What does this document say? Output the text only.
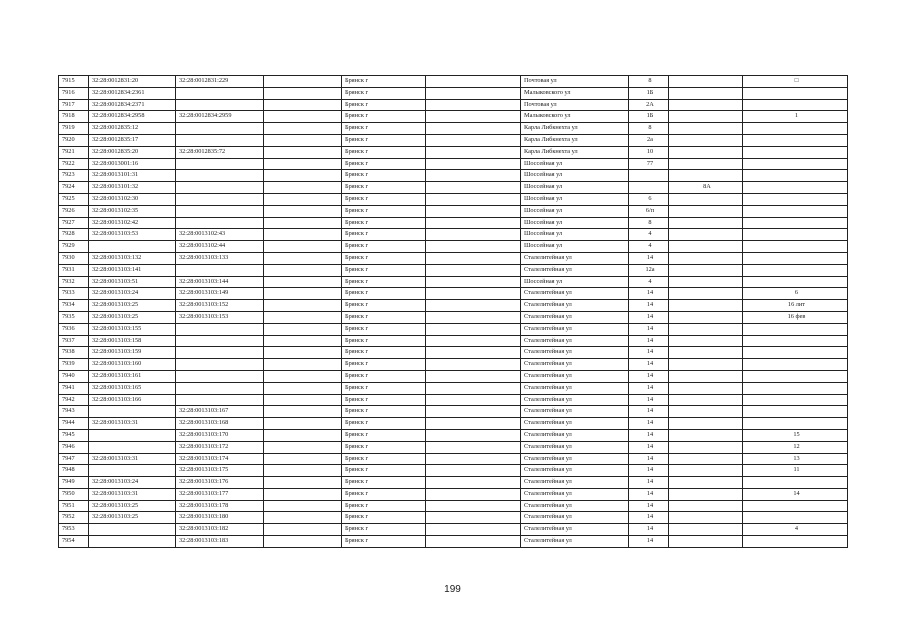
7915	32:28:0012831:20	32:28:0012831:229		Брянск г		Почтовая ул	8		□
7916	32:28:0012834:2361			Брянск г		Малыковского ул	1Б		
7917	32:28:0012834:2371			Брянск г		Почтовая ул	2А		
7918	32:28:0012834:2958	32:28:0012834:2959		Брянск г		Малыковского ул	1Б		1
7919	32:28:0012835:12			Брянск г		Карла Либкнехта ул	8		
7920	32:28:0012835:17			Брянск г		Карла Либкнехта ул	2а		
7921	32:28:0012835:20	32:28:0012835:72		Брянск г		Карла Либкнехта ул	10		
7922	32:28:0013001:16			Брянск г		Шоссейная ул	77		
7923	32:28:0013101:31			Брянск г		Шоссейная ул			
7924	32:28:0013101:32			Брянск г		Шоссейная ул		8А	
7925	32:28:0013102:30			Брянск г		Шоссейная ул	6		
7926	32:28:0013102:35			Брянск г		Шоссейная ул	6/п		
7927	32:28:0013102:42			Брянск г		Шоссейная ул	8		
7928	32:28:0013103:53	32:28:0013102:43		Брянск г		Шоссейная ул	4		
7929		32:28:0013102:44		Брянск г		Шоссейная ул	4		
7930	32:28:0013103:132	32:28:0013103:133		Брянск г		Сталелитейная ул	14		
7931	32:28:0013103:141			Брянск г		Сталелитейная ул	12а		
7932	32:28:0013103:51	32:28:0013103:144		Брянск г		Шоссейная ул	4		
7933	32:28:0013103:24	32:28:0013103:149		Брянск г		Сталелитейная ул	14		6
7934	32:28:0013103:25	32:28:0013103:152		Брянск г		Сталелитейная ул	14		16 лит
7935	32:28:0013103:25	32:28:0013103:153		Брянск г		Сталелитейная ул	14		16 фев
7936	32:28:0013103:155			Брянск г		Сталелитейная ул	14		
7937	32:28:0013103:158			Брянск г		Сталелитейная ул	14		
7938	32:28:0013103:159			Брянск г		Сталелитейная ул	14		
7939	32:28:0013103:160			Брянск г		Сталелитейная ул	14		
7940	32:28:0013103:161			Брянск г		Сталелитейная ул	14		
7941	32:28:0013103:165			Брянск г		Сталелитейная ул	14		
7942	32:28:0013103:166			Брянск г		Сталелитейная ул	14		
7943		32:28:0013103:167		Брянск г		Сталелитейная ул	14		
7944	32:28:0013103:31	32:28:0013103:168		Брянск г		Сталелитейная ул	14		
7945		32:28:0013103:170		Брянск г		Сталелитейная ул	14		15
7946		32:28:0013103:172		Брянск г		Сталелитейная ул	14		12
7947	32:28:0013103:31	32:28:0013103:174		Брянск г		Сталелитейная ул	14		13
7948		32:28:0013103:175		Брянск г		Сталелитейная ул	14		11
7949	32:28:0013103:24	32:28:0013103:176		Брянск г		Сталелитейная ул	14		
7950	32:28:0013103:31	32:28:0013103:177		Брянск г		Сталелитейная ул	14		14
7951	32:28:0013103:25	32:28:0013103:178		Брянск г		Сталелитейная ул	14		
7952	32:28:0013103:25	32:28:0013103:180		Брянск г		Сталелитейная ул	14		
7953		32:28:0013103:182		Брянск г		Сталелитейная ул	14		4
7954		32:28:0013103:183		Брянск г		Сталелитейная ул	14		
199
